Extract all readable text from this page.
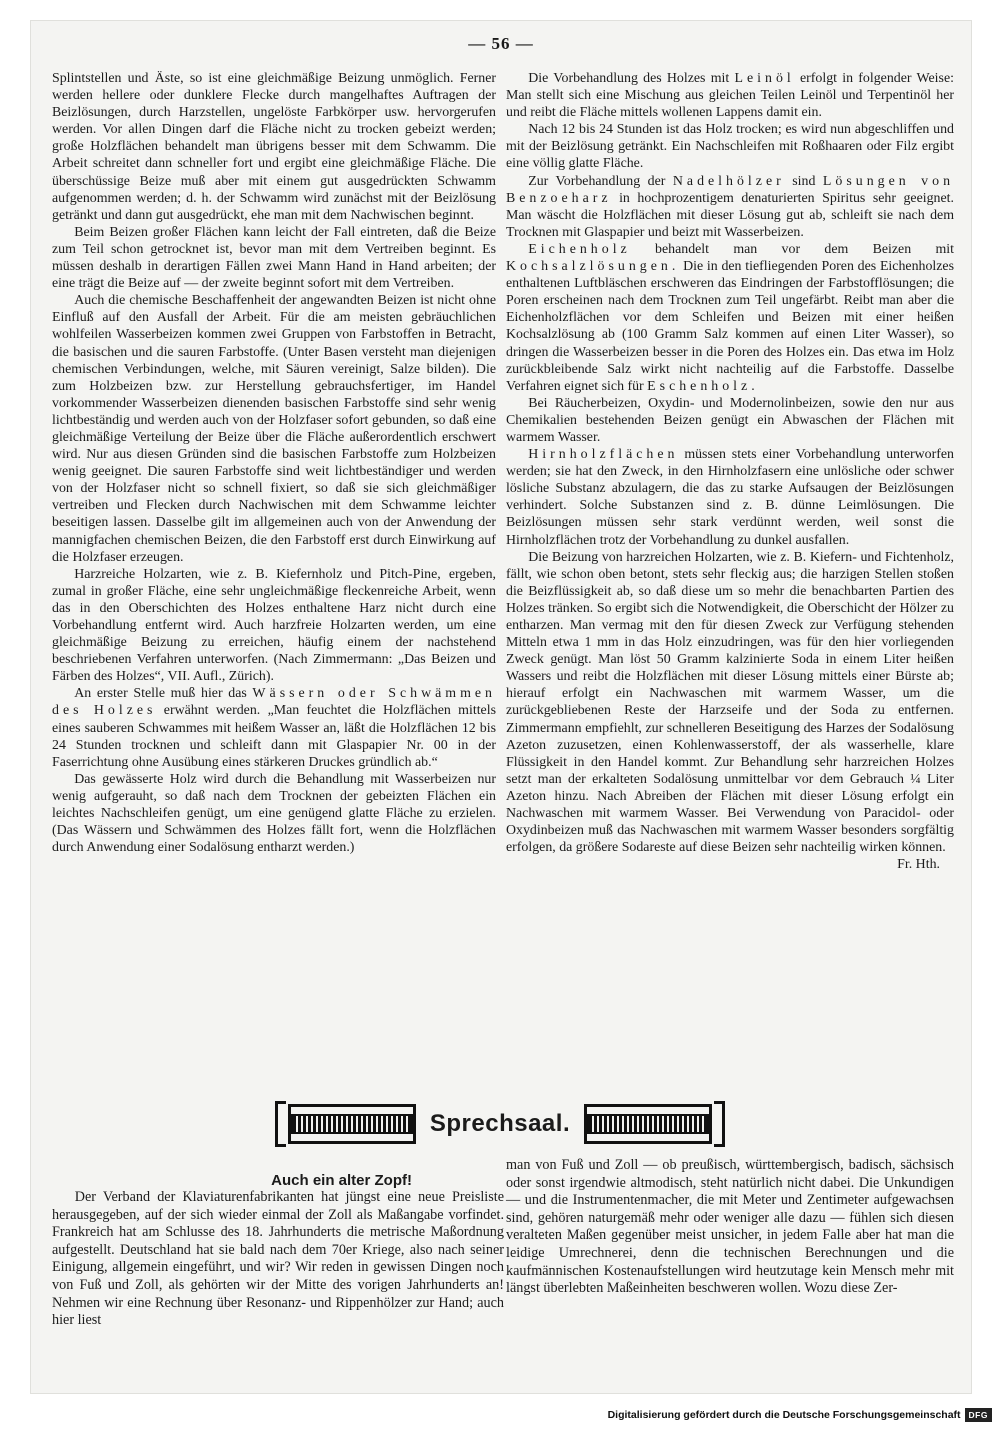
— 56 —

Splintstellen und Äste, so ist eine gleichmäßige Beizung unmöglich. Ferner werden hellere oder dunklere Flecke durch mangelhaftes Auftragen der Beizlösungen, durch Harzstellen, ungelöste Farbkörper usw. hervorgerufen werden. Vor allen Dingen darf die Fläche nicht zu trocken gebeizt werden; große Holzflächen behandelt man übrigens besser mit dem Schwamm. Die Arbeit schreitet dann schneller fort und ergibt eine gleichmäßige Fläche. Die überschüssige Beize muß aber mit einem gut ausgedrückten Schwamm aufgenommen werden; d. h. der Schwamm wird zunächst mit der Beizlösung getränkt und dann gut ausgedrückt, ehe man mit dem Nachwischen beginnt.

Beim Beizen großer Flächen kann leicht der Fall eintreten, daß die Beize zum Teil schon getrocknet ist, bevor man mit dem Vertreiben beginnt. Es müssen deshalb in derartigen Fällen zwei Mann Hand in Hand arbeiten; der eine trägt die Beize auf — der zweite beginnt sofort mit dem Vertreiben.

Auch die chemische Beschaffenheit der angewandten Beizen ist nicht ohne Einfluß auf den Ausfall der Arbeit. Für die am meisten gebräuchlichen wohlfeilen Wasserbeizen kommen zwei Gruppen von Farbstoffen in Betracht, die basischen und die sauren Farbstoffe. (Unter Basen versteht man diejenigen chemischen Verbindungen, welche, mit Säuren vereinigt, Salze bilden). Die zum Holzbeizen bzw. zur Herstellung gebrauchsfertiger, im Handel vorkommender Wasserbeizen dienenden basischen Farbstoffe sind sehr wenig lichtbeständig und werden auch von der Holzfaser sofort gebunden, so daß eine gleichmäßige Verteilung der Beize über die Fläche außerordentlich erschwert wird. Nur aus diesen Gründen sind die basischen Farbstoffe zum Holzbeizen wenig geeignet. Die sauren Farbstoffe sind weit lichtbeständiger und werden von der Holzfaser nicht so schnell fixiert, so daß sie sich gleichmäßiger vertreiben und Flecken durch Nachwischen mit dem Schwamme leichter beseitigen lassen. Dasselbe gilt im allgemeinen auch von der Anwendung der mannigfachen chemischen Beizen, die den Farbstoff erst durch Einwirkung auf die Holzfaser erzeugen.

Harzreiche Holzarten, wie z. B. Kiefernholz und Pitch-Pine, ergeben, zumal in großer Fläche, eine sehr ungleichmäßige fleckenreiche Arbeit, wenn das in den Oberschichten des Holzes enthaltene Harz nicht durch eine Vorbehandlung entfernt wird. Auch harzfreie Holzarten werden, um eine gleichmäßige Beizung zu erreichen, häufig einem der nachstehend beschriebenen Verfahren unterworfen. (Nach Zimmermann: „Das Beizen und Färben des Holzes“, VII. Aufl., Zürich).

An erster Stelle muß hier das Wässern oder Schwämmen des Holzes erwähnt werden. „Man feuchtet die Holzflächen mittels eines sauberen Schwammes mit heißem Wasser an, läßt die Holzflächen 12 bis 24 Stunden trocknen und schleift dann mit Glaspapier Nr. 00 in der Faserrichtung ohne Ausübung eines stärkeren Druckes gründlich ab.“

Das gewässerte Holz wird durch die Behandlung mit Wasserbeizen nur wenig aufgerauht, so daß nach dem Trocknen der gebeizten Flächen ein leichtes Nachschleifen genügt, um eine genügend glatte Fläche zu erzielen. (Das Wässern und Schwämmen des Holzes fällt fort, wenn die Holzflächen durch Anwendung einer Sodalösung entharzt werden.)

Die Vorbehandlung des Holzes mit Leinöl erfolgt in folgender Weise: Man stellt sich eine Mischung aus gleichen Teilen Leinöl und Terpentinöl her und reibt die Fläche mittels wollenen Lappens damit ein.

Nach 12 bis 24 Stunden ist das Holz trocken; es wird nun abgeschliffen und mit der Beizlösung getränkt. Ein Nachschleifen mit Roßhaaren oder Filz ergibt eine völlig glatte Fläche.

Zur Vorbehandlung der Nadelhölzer sind Lösungen von Benzoeharz in hochprozentigem denaturierten Spiritus sehr geeignet. Man wäscht die Holzflächen mit dieser Lösung gut ab, schleift sie nach dem Trocknen mit Glaspapier und beizt mit Wasserbeizen.

Eichenholz behandelt man vor dem Beizen mit Kochsalzlösungen. Die in den tiefliegenden Poren des Eichenholzes enthaltenen Luftbläschen erschweren das Eindringen der Farbstofflösungen; die Poren erscheinen nach dem Trocknen zum Teil ungefärbt. Reibt man aber die Eichenholzflächen vor dem Schleifen und Beizen mit einer heißen Kochsalzlösung ab (100 Gramm Salz kommen auf einen Liter Wasser), so dringen die Wasserbeizen besser in die Poren des Holzes ein. Das etwa im Holz zurückbleibende Salz wirkt nicht nachteilig auf die Farbstoffe. Dasselbe Verfahren eignet sich für Eschenholz.

Bei Räucherbeizen, Oxydin- und Modernolinbeizen, sowie den nur aus Chemikalien bestehenden Beizen genügt ein Abwaschen der Flächen mit warmem Wasser.

Hirnholzflächen müssen stets einer Vorbehandlung unterworfen werden; sie hat den Zweck, in den Hirnholzfasern eine unlösliche oder schwer lösliche Substanz abzulagern, die das zu starke Aufsaugen der Beizlösungen verhindert. Solche Substanzen sind z. B. dünne Leimlösungen. Die Beizlösungen müssen sehr stark verdünnt werden, weil sonst die Hirnholzflächen trotz der Vorbehandlung zu dunkel ausfallen.

Die Beizung von harzreichen Holzarten, wie z. B. Kiefern- und Fichtenholz, fällt, wie schon oben betont, stets sehr fleckig aus; die harzigen Stellen stoßen die Beizflüssigkeit ab, so daß diese um so mehr die benachbarten Partien des Holzes tränken. So ergibt sich die Notwendigkeit, die Oberschicht der Hölzer zu entharzen. Man vermag mit den für diesen Zweck zur Verfügung stehenden Mitteln etwa 1 mm in das Holz einzudringen, was für den hier vorliegenden Zweck genügt. Man löst 50 Gramm kalzinierte Soda in einem Liter heißen Wassers und reibt die Holzflächen mit dieser Lösung mittels einer Bürste ab; hierauf erfolgt ein Nachwaschen mit warmem Wasser, um die zurückgebliebenen Reste der Harzseife und der Soda zu entfernen. Zimmermann empfiehlt, zur schnelleren Beseitigung des Harzes der Sodalösung Azeton zuzusetzen, einen Kohlenwasserstoff, der als wasserhelle, klare Flüssigkeit in den Handel kommt. Zur Behandlung sehr harzreichen Holzes setzt man der erkalteten Sodalösung unmittelbar vor dem Gebrauch ¼ Liter Azeton hinzu. Nach Abreiben der Flächen mit dieser Lösung erfolgt ein Nachwaschen mit warmem Wasser. Bei Verwendung von Paracidol- oder Oxydinbeizen muß das Nachwaschen mit warmem Wasser besonders sorgfältig erfolgen, da größere Sodareste auf diese Beizen sehr nachteilig wirken können.
Fr. Hth.

Sprechsaal.
Auch ein alter Zopf!

Der Verband der Klaviaturenfabrikanten hat jüngst eine neue Preisliste herausgegeben, auf der sich wieder einmal der Zoll als Maßangabe vorfindet. Frankreich hat am Schlusse des 18. Jahrhunderts die metrische Maßordnung aufgestellt. Deutschland hat sie bald nach dem 70er Kriege, also nach seiner Einigung, allgemein eingeführt, und wir? Wir reden in gewissen Dingen noch von Fuß und Zoll, als gehörten wir der Mitte des vorigen Jahrhunderts an! Nehmen wir eine Rechnung über Resonanz- und Rippenhölzer zur Hand; auch hier liest

man von Fuß und Zoll — ob preußisch, württembergisch, badisch, sächsisch oder sonst irgendwie altmodisch, steht natürlich nicht dabei. Die Unkundigen — und die Instrumentenmacher, die mit Meter und Zentimeter aufgewachsen sind, gehören naturgemäß mehr oder weniger alle dazu — fühlen sich diesen veralteten Maßen gegenüber meist unsicher, in jedem Falle aber hat man die leidige Umrechnerei, denn die technischen Berechnungen und die kaufmännischen Kostenaufstellungen wird heutzutage kein Mensch mehr mit längst überlebten Maßeinheiten beschweren wollen. Wozu diese Zer-

Digitalisierung gefördert durch die Deutsche Forschungsgemeinschaft DFG
